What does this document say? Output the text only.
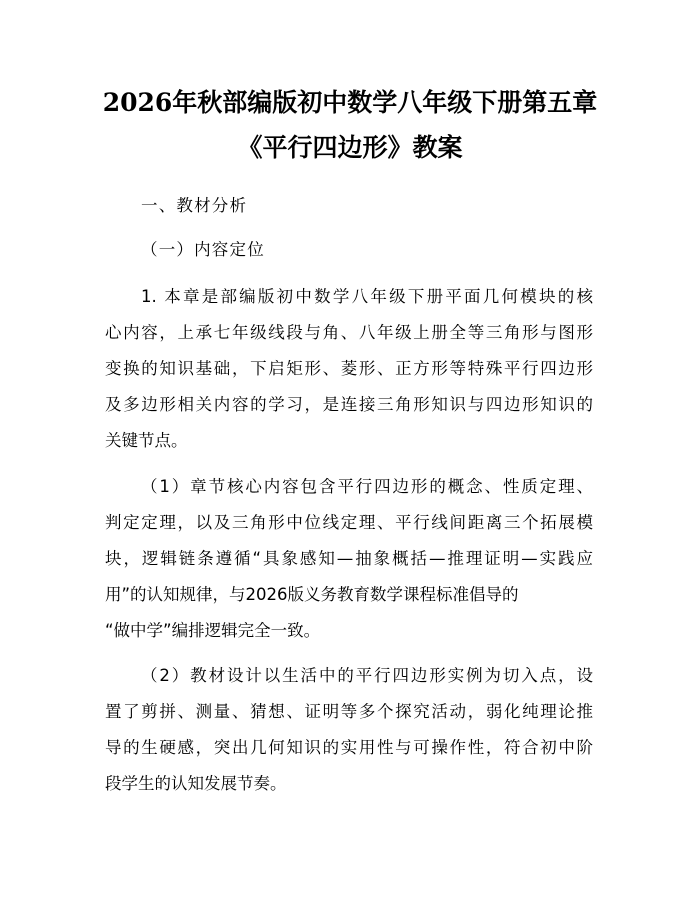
2026年秋部编版初中数学八年级下册第五章
《平行四边形》教案
一、教材分析
（一）内容定位
1. 本章是部编版初中数学八年级下册平面几何模块的核
心内容，上承七年级线段与角、八年级上册全等三角形与图形
变换的知识基础，下启矩形、菱形、正方形等特殊平行四边形
及多边形相关内容的学习，是连接三角形知识与四边形知识的
关键节点。
（1）章节核心内容包含平行四边形的概念、性质定理、
判定定理，以及三角形中位线定理、平行线间距离三个拓展模
块，逻辑链条遵循“具象感知—抽象概括—推理证明—实践应
用”的认知规律，与2026版义务教育数学课程标准倡导的
“做中学”编排逻辑完全一致。
（2）教材设计以生活中的平行四边形实例为切入点，设
置了剪拼、测量、猜想、证明等多个探究活动，弱化纯理论推
导的生硬感，突出几何知识的实用性与可操作性，符合初中阶
段学生的认知发展节奏。
